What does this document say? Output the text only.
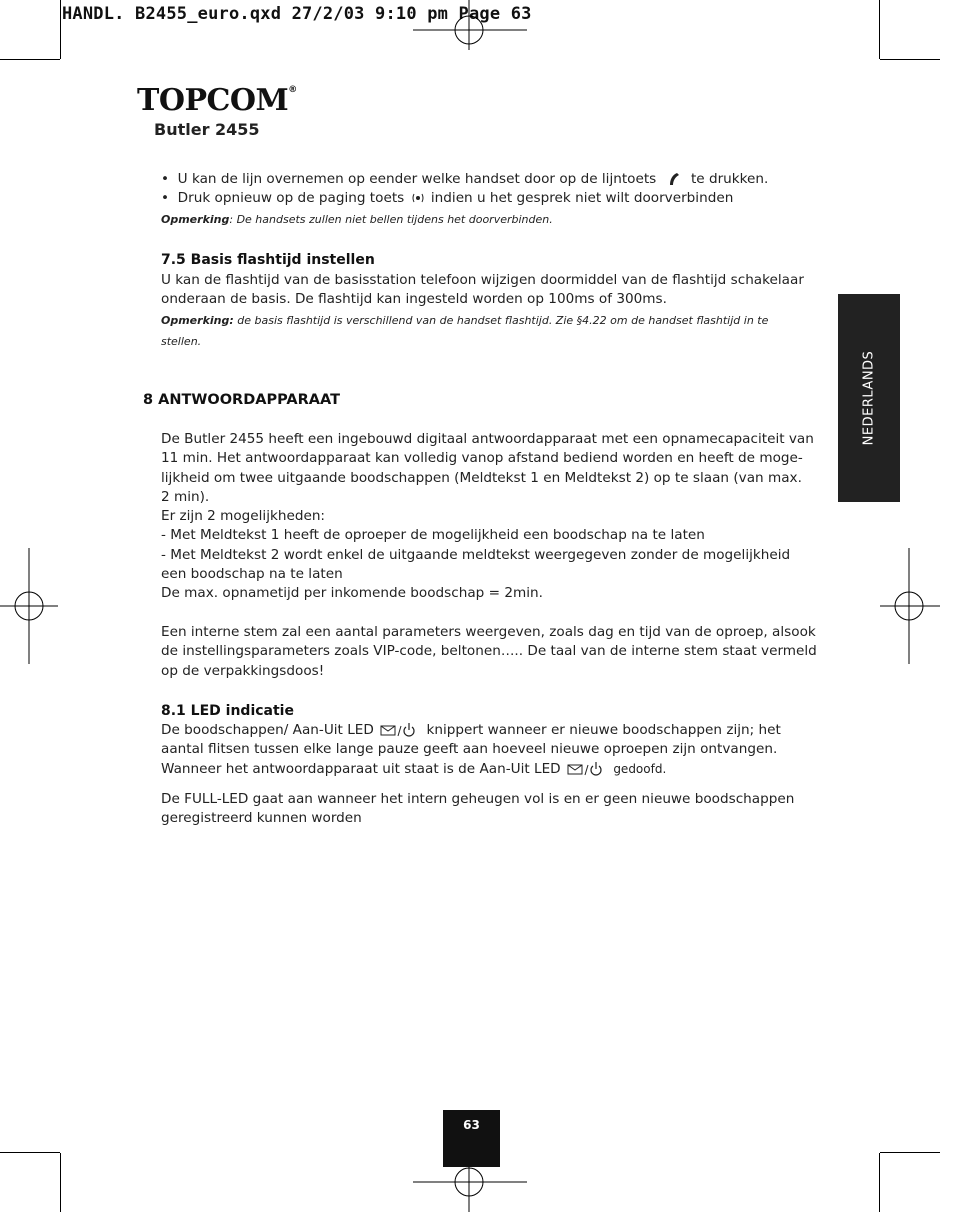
HANDL. B2455_euro.qxd 27/2/03 9:10 pm Page 63
TOPCOM®
Butler 2455
•  U kan de lijn overnemen op eender welke handset door op de lijntoets	te drukken.
•  Druk opnieuw op de paging toets indien u het gesprek niet wilt doorverbinden
Opmerking: De handsets zullen niet bellen tijdens het doorverbinden.
7.5 Basis flashtijd instellen
U kan de flashtijd van de basisstation telefoon wijzigen doormiddel van de flashtijd schakelaar
onderaan de basis. De flashtijd kan ingesteld worden op 100ms of 300ms.
Opmerking: de basis flashtijd is verschillend van de handset flashtijd. Zie §4.22 om de handset flashtijd in te
stellen.
8 ANTWOORDAPPARAAT
De Butler 2455 heeft een ingebouwd digitaal antwoordapparaat met een opnamecapaciteit van
11 min. Het antwoordapparaat kan volledig vanop afstand bediend worden en heeft de moge-
lijkheid om twee uitgaande boodschappen (Meldtekst 1 en Meldtekst 2) op te slaan (van max.
2 min).
Er zijn 2 mogelijkheden:
- Met Meldtekst 1 heeft de oproeper de mogelijkheid een boodschap na te laten
- Met Meldtekst 2 wordt enkel de uitgaande meldtekst weergegeven zonder de mogelijkheid
een boodschap na te laten
De max. opnametijd per inkomende boodschap = 2min.
Een interne stem zal een aantal parameters weergeven, zoals dag en tijd van de oproep, alsook
de instellingsparameters zoals VIP-code, beltonen….. De taal van de interne stem staat vermeld
op de verpakkingsdoos!
8.1 LED indicatie
De boodschappen/ Aan-Uit LED	knippert wanneer er nieuwe boodschappen zijn; het
aantal flitsen tussen elke lange pauze geeft aan hoeveel nieuwe oproepen zijn ontvangen.
Wanneer het antwoordapparaat uit staat is de Aan-Uit LED	gedoofd.
De FULL-LED gaat aan wanneer het intern geheugen vol is en er geen nieuwe boodschappen
geregistreerd kunnen worden
NEDERLANDS
63
